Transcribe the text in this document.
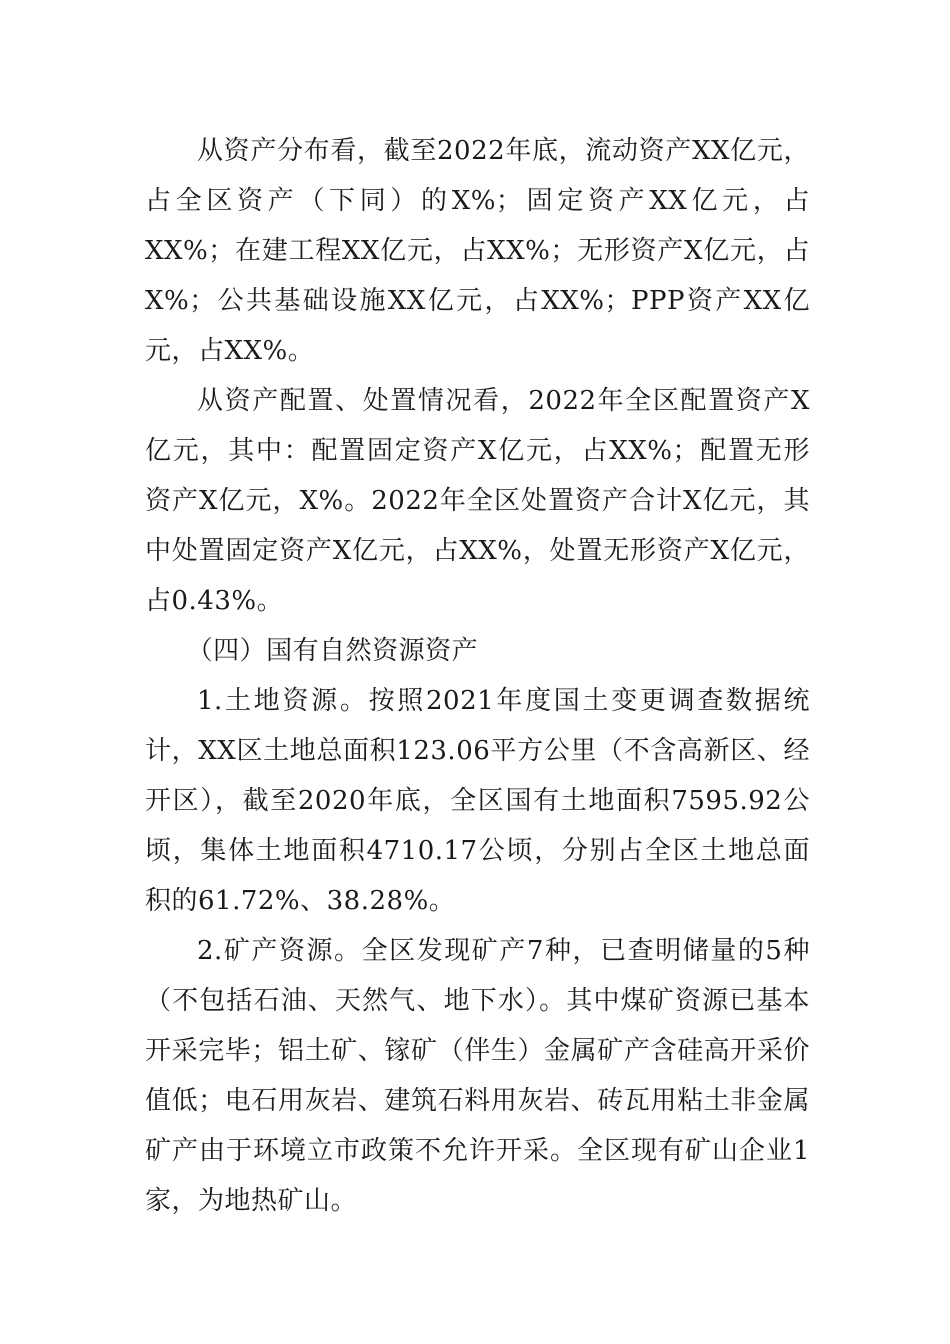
从资产分布看，截至2022年底，流动资产XX亿元，占全区资产（下同）的X%；固定资产XX亿元，占XX%；在建工程XX亿元，占XX%；无形资产X亿元，占X%；公共基础设施XX亿元，占XX%；PPP资产XX亿元，占XX%。

从资产配置、处置情况看，2022年全区配置资产X亿元，其中：配置固定资产X亿元，占XX%；配置无形资产X亿元，X%。2022年全区处置资产合计X亿元，其中处置固定资产X亿元，占XX%，处置无形资产X亿元，占0.43%。

（四）国有自然资源资产

1.土地资源。按照2021年度国土变更调查数据统计，XX区土地总面积123.06平方公里（不含高新区、经开区），截至2020年底，全区国有土地面积7595.92公顷，集体土地面积4710.17公顷，分别占全区土地总面积的61.72%、38.28%。

2.矿产资源。全区发现矿产7种，已查明储量的5种（不包括石油、天然气、地下水）。其中煤矿资源已基本开采完毕；铝土矿、镓矿（伴生）金属矿产含硅高开采价值低；电石用灰岩、建筑石料用灰岩、砖瓦用粘土非金属矿产由于环境立市政策不允许开采。全区现有矿山企业1家，为地热矿山。
